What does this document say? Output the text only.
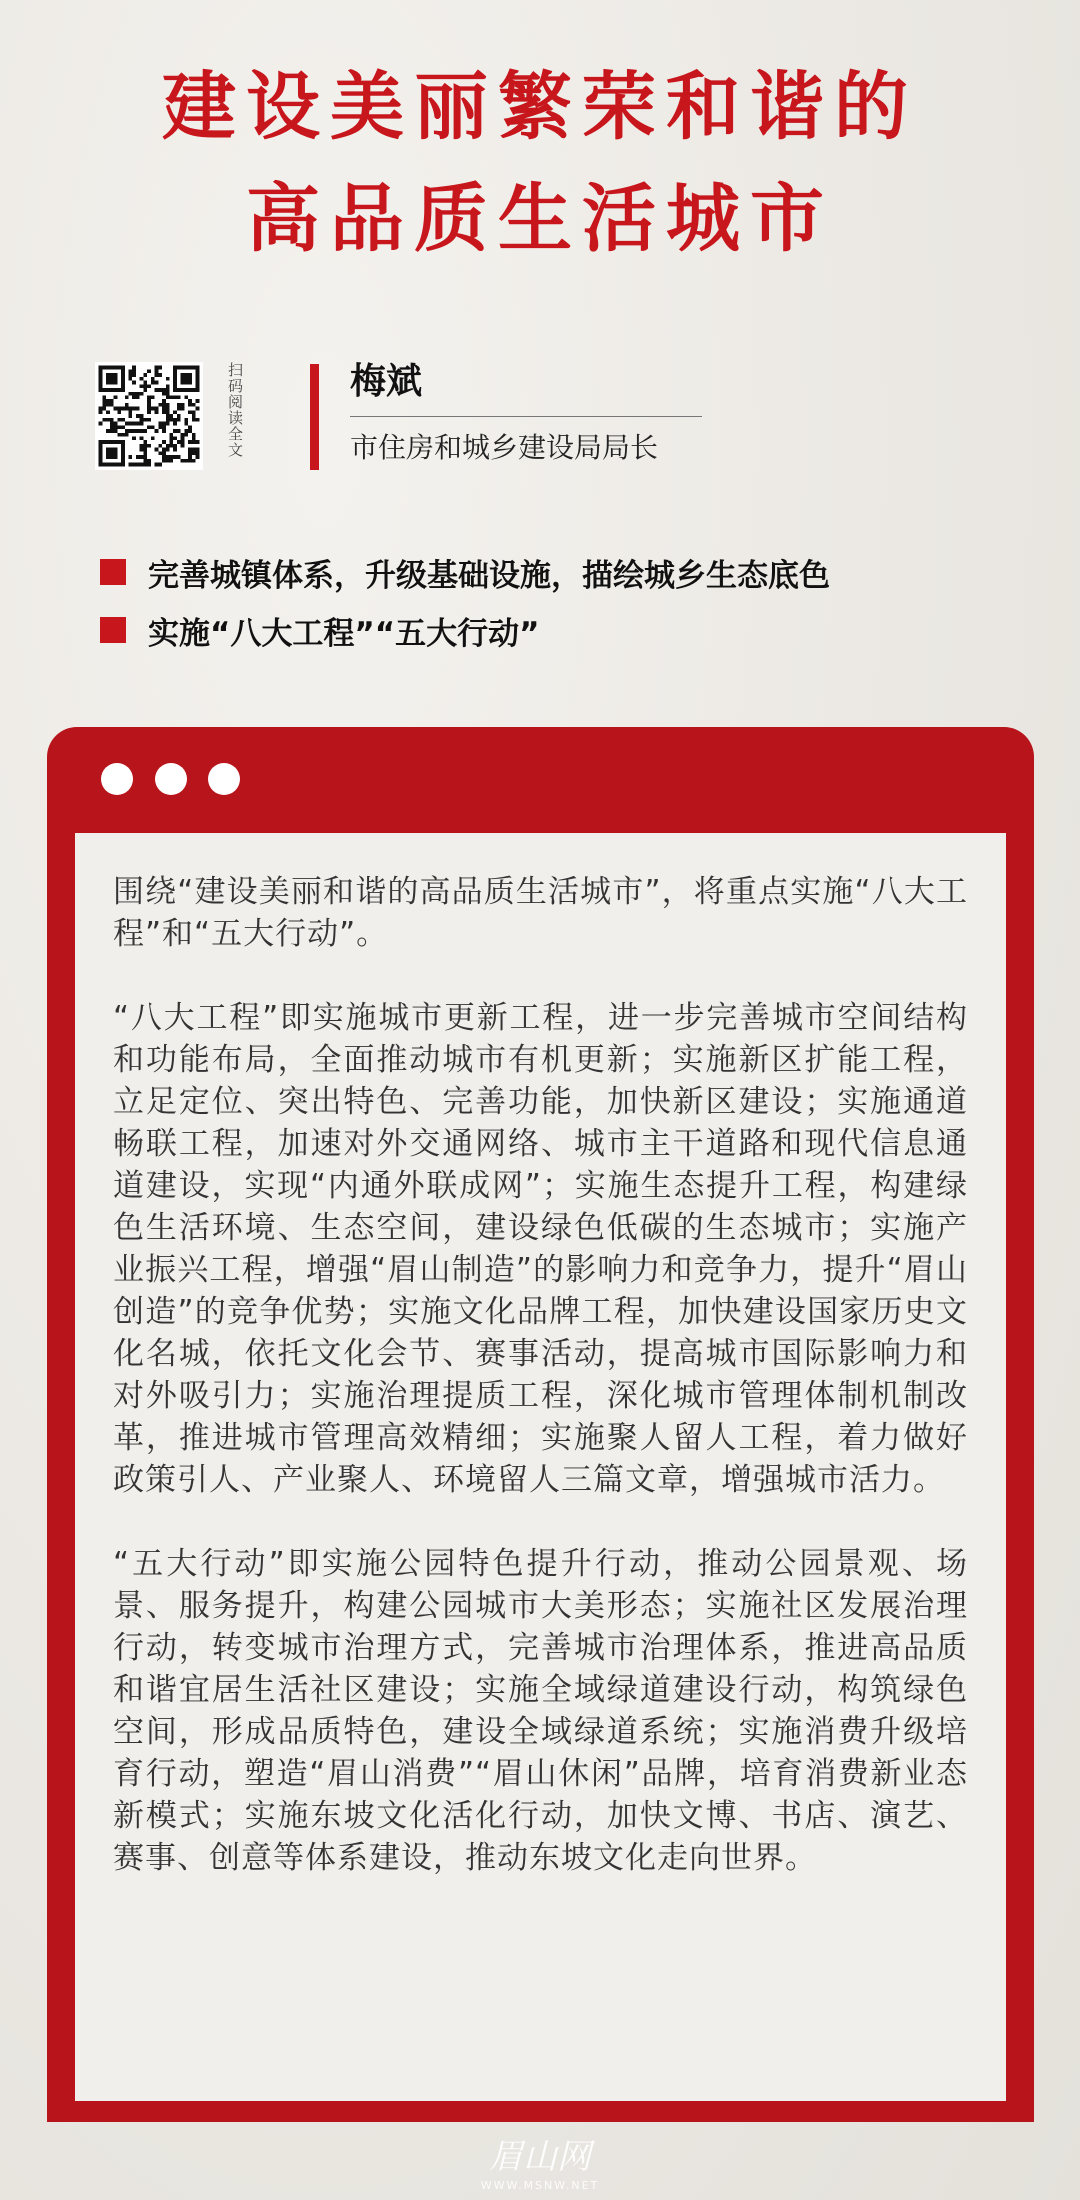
建设美丽繁荣和谐的
高品质生活城市
扫码阅读全文	梅斌
市住房和城乡建设局局长
完善城镇体系，升级基础设施，描绘城乡生态底色
实施“八大工程”“五大行动”

围绕“建设美丽和谐的高品质生活城市”，将重点实施“八大工程”和“五大行动”。

“八大工程”即实施城市更新工程，进一步完善城市空间结构和功能布局，全面推动城市有机更新；实施新区扩能工程，立足定位、突出特色、完善功能，加快新区建设；实施通道畅联工程，加速对外交通网络、城市主干道路和现代信息通道建设，实现“内通外联成网”；实施生态提升工程，构建绿色生活环境、生态空间，建设绿色低碳的生态城市；实施产业振兴工程，增强“眉山制造”的影响力和竞争力，提升“眉山创造”的竞争优势；实施文化品牌工程，加快建设国家历史文化名城，依托文化会节、赛事活动，提高城市国际影响力和对外吸引力；实施治理提质工程，深化城市管理体制机制改革，推进城市管理高效精细；实施聚人留人工程，着力做好政策引人、产业聚人、环境留人三篇文章，增强城市活力。

“五大行动”即实施公园特色提升行动，推动公园景观、场景、服务提升，构建公园城市大美形态；实施社区发展治理行动，转变城市治理方式，完善城市治理体系，推进高品质和谐宜居生活社区建设；实施全域绿道建设行动，构筑绿色空间，形成品质特色，建设全域绿道系统；实施消费升级培育行动，塑造“眉山消费”“眉山休闲”品牌，培育消费新业态新模式；实施东坡文化活化行动，加快文博、书店、演艺、赛事、创意等体系建设，推动东坡文化走向世界。

眉山网
WWW.MSNW.NET
